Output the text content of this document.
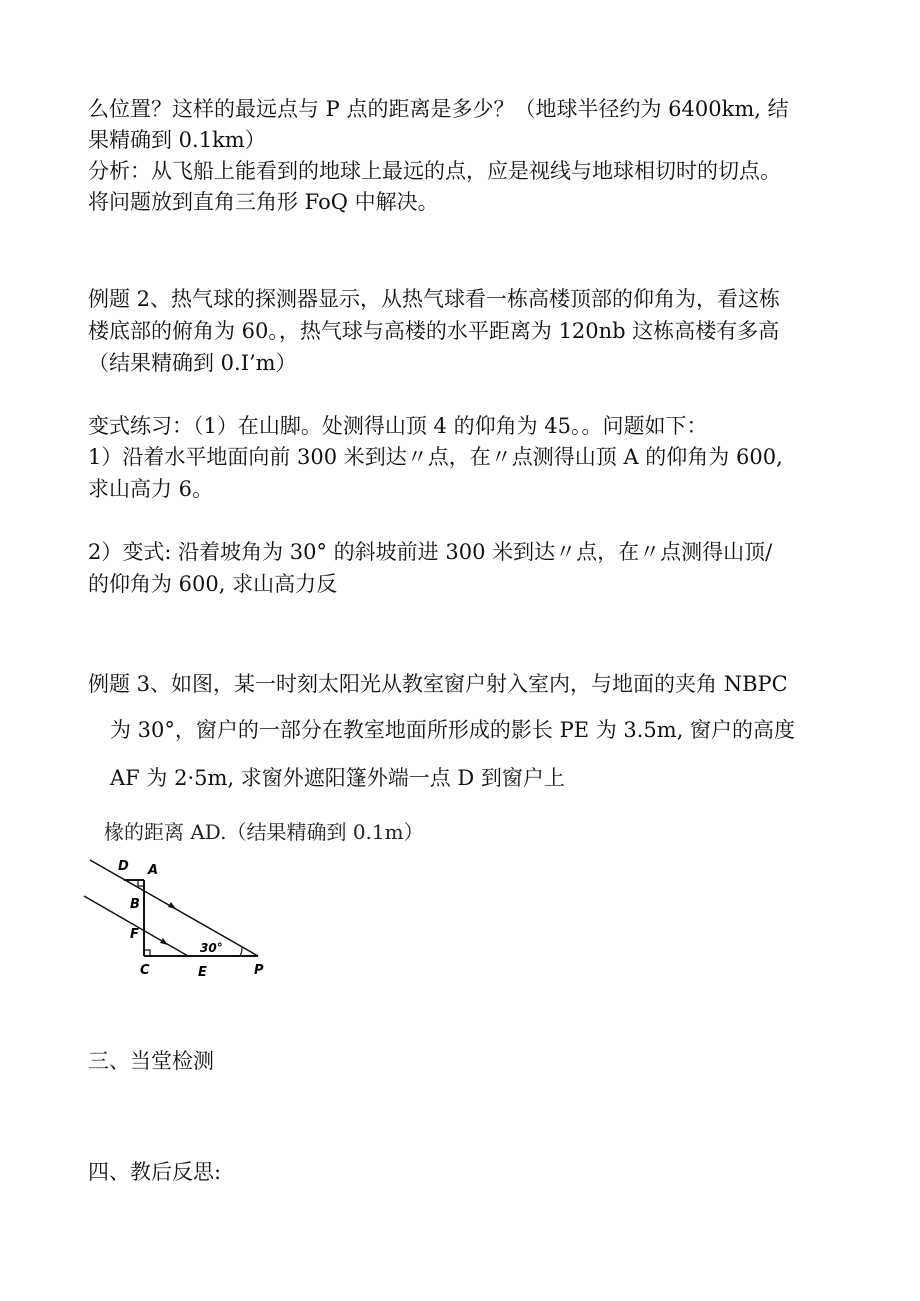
么位置？这样的最远点与 P 点的距离是多少？（地球半径约为 6400km, 结

果精确到 0.1km）

分析：从飞船上能看到的地球上最远的点，应是视线与地球相切时的切点。

将问题放到直角三角形 FoQ 中解决。

例题 2、热气球的探测器显示，从热气球看一栋高楼顶部的仰角为，看这栋

楼底部的俯角为 60。，热气球与高楼的水平距离为 120nb 这栋高楼有多高

（结果精确到 0.I’m）

变式练习：（1）在山脚。处测得山顶 4 的仰角为 45。。问题如下：

1）沿着水平地面向前 300 米到达〃点，在〃点测得山顶 A 的仰角为 600,

求山高力 6。

2）变式: 沿着坡角为 30° 的斜坡前进 300 米到达〃点，在〃点测得山顶/

的仰角为 600, 求山高力反

例题 3、如图，某一时刻太阳光从教室窗户射入室内，与地面的夹角 NBPC

为 30°，窗户的一部分在教室地面所形成的影长 PE 为 3.5m, 窗户的高度

AF 为 2·5m, 求窗外遮阳篷外端一点 D 到窗户上

椽的距离 AD.（结果精确到 0.1m）

D A
B
F
C	E	P
30°

三、当堂检测

四、教后反思:
